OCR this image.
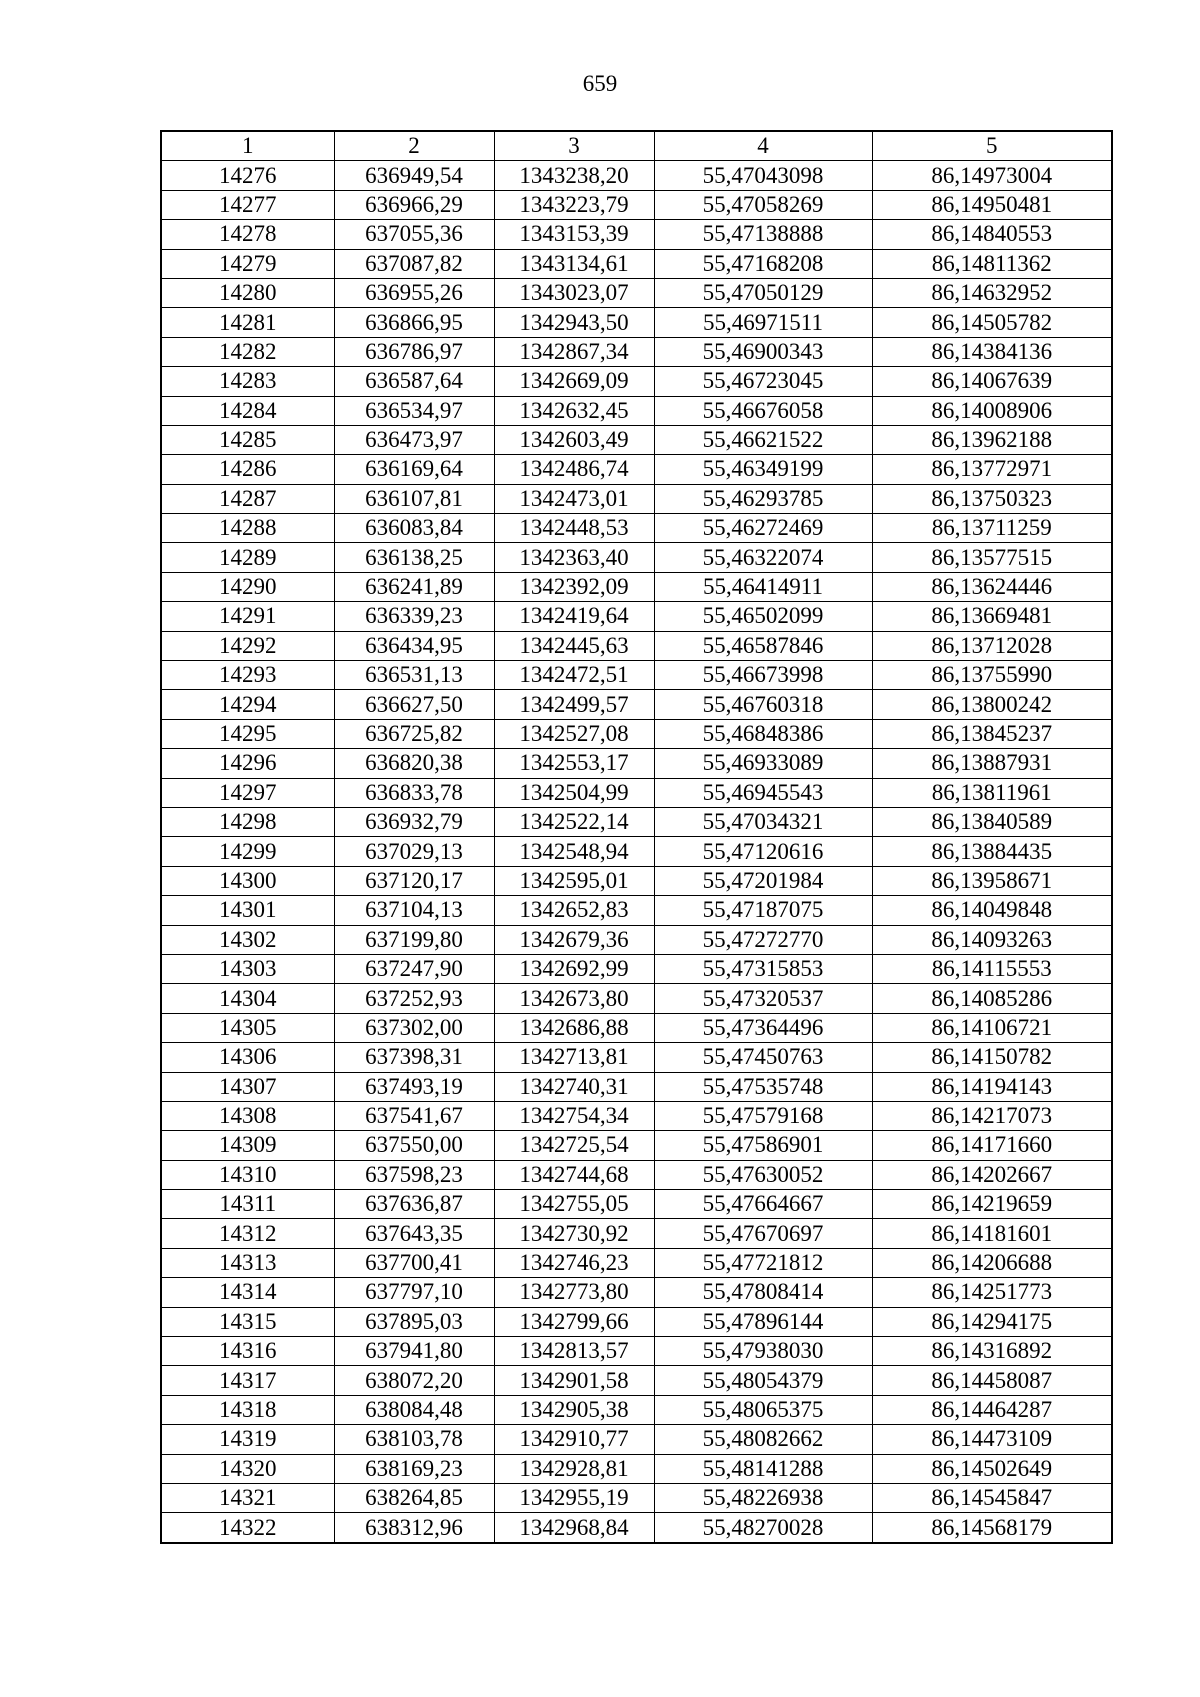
659
1	2	3	4	5
14276	636949,54	1343238,20	55,47043098	86,14973004
14277	636966,29	1343223,79	55,47058269	86,14950481
14278	637055,36	1343153,39	55,47138888	86,14840553
14279	637087,82	1343134,61	55,47168208	86,14811362
14280	636955,26	1343023,07	55,47050129	86,14632952
14281	636866,95	1342943,50	55,46971511	86,14505782
14282	636786,97	1342867,34	55,46900343	86,14384136
14283	636587,64	1342669,09	55,46723045	86,14067639
14284	636534,97	1342632,45	55,46676058	86,14008906
14285	636473,97	1342603,49	55,46621522	86,13962188
14286	636169,64	1342486,74	55,46349199	86,13772971
14287	636107,81	1342473,01	55,46293785	86,13750323
14288	636083,84	1342448,53	55,46272469	86,13711259
14289	636138,25	1342363,40	55,46322074	86,13577515
14290	636241,89	1342392,09	55,46414911	86,13624446
14291	636339,23	1342419,64	55,46502099	86,13669481
14292	636434,95	1342445,63	55,46587846	86,13712028
14293	636531,13	1342472,51	55,46673998	86,13755990
14294	636627,50	1342499,57	55,46760318	86,13800242
14295	636725,82	1342527,08	55,46848386	86,13845237
14296	636820,38	1342553,17	55,46933089	86,13887931
14297	636833,78	1342504,99	55,46945543	86,13811961
14298	636932,79	1342522,14	55,47034321	86,13840589
14299	637029,13	1342548,94	55,47120616	86,13884435
14300	637120,17	1342595,01	55,47201984	86,13958671
14301	637104,13	1342652,83	55,47187075	86,14049848
14302	637199,80	1342679,36	55,47272770	86,14093263
14303	637247,90	1342692,99	55,47315853	86,14115553
14304	637252,93	1342673,80	55,47320537	86,14085286
14305	637302,00	1342686,88	55,47364496	86,14106721
14306	637398,31	1342713,81	55,47450763	86,14150782
14307	637493,19	1342740,31	55,47535748	86,14194143
14308	637541,67	1342754,34	55,47579168	86,14217073
14309	637550,00	1342725,54	55,47586901	86,14171660
14310	637598,23	1342744,68	55,47630052	86,14202667
14311	637636,87	1342755,05	55,47664667	86,14219659
14312	637643,35	1342730,92	55,47670697	86,14181601
14313	637700,41	1342746,23	55,47721812	86,14206688
14314	637797,10	1342773,80	55,47808414	86,14251773
14315	637895,03	1342799,66	55,47896144	86,14294175
14316	637941,80	1342813,57	55,47938030	86,14316892
14317	638072,20	1342901,58	55,48054379	86,14458087
14318	638084,48	1342905,38	55,48065375	86,14464287
14319	638103,78	1342910,77	55,48082662	86,14473109
14320	638169,23	1342928,81	55,48141288	86,14502649
14321	638264,85	1342955,19	55,48226938	86,14545847
14322	638312,96	1342968,84	55,48270028	86,14568179
